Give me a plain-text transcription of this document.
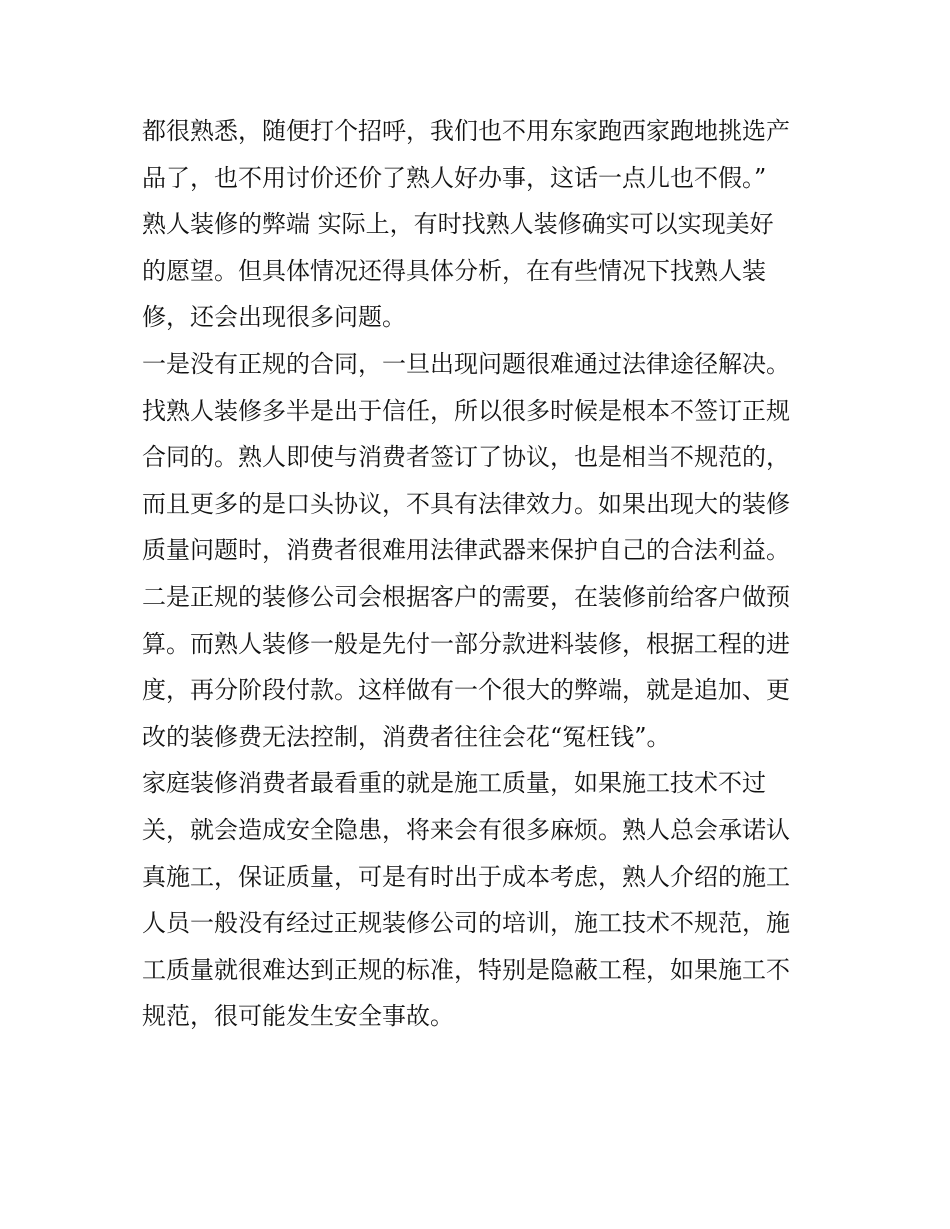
都很熟悉，随便打个招呼，我们也不用东家跑西家跑地挑选产

品了，也不用讨价还价了熟人好办事，这话一点儿也不假。”

熟人装修的弊端 实际上，有时找熟人装修确实可以实现美好

的愿望。但具体情况还得具体分析，在有些情况下找熟人装

修，还会出现很多问题。

一是没有正规的合同，一旦出现问题很难通过法律途径解决。

找熟人装修多半是出于信任，所以很多时候是根本不签订正规

合同的。熟人即使与消费者签订了协议，也是相当不规范的，

而且更多的是口头协议，不具有法律效力。如果出现大的装修

质量问题时，消费者很难用法律武器来保护自己的合法利益。

二是正规的装修公司会根据客户的需要，在装修前给客户做预

算。而熟人装修一般是先付一部分款进料装修，根据工程的进

度，再分阶段付款。这样做有一个很大的弊端，就是追加、更

改的装修费无法控制，消费者往往会花“冤枉钱”。

家庭装修消费者最看重的就是施工质量，如果施工技术不过

关，就会造成安全隐患，将来会有很多麻烦。熟人总会承诺认

真施工，保证质量，可是有时出于成本考虑，熟人介绍的施工

人员一般没有经过正规装修公司的培训，施工技术不规范，施

工质量就很难达到正规的标准，特别是隐蔽工程，如果施工不

规范，很可能发生安全事故。
